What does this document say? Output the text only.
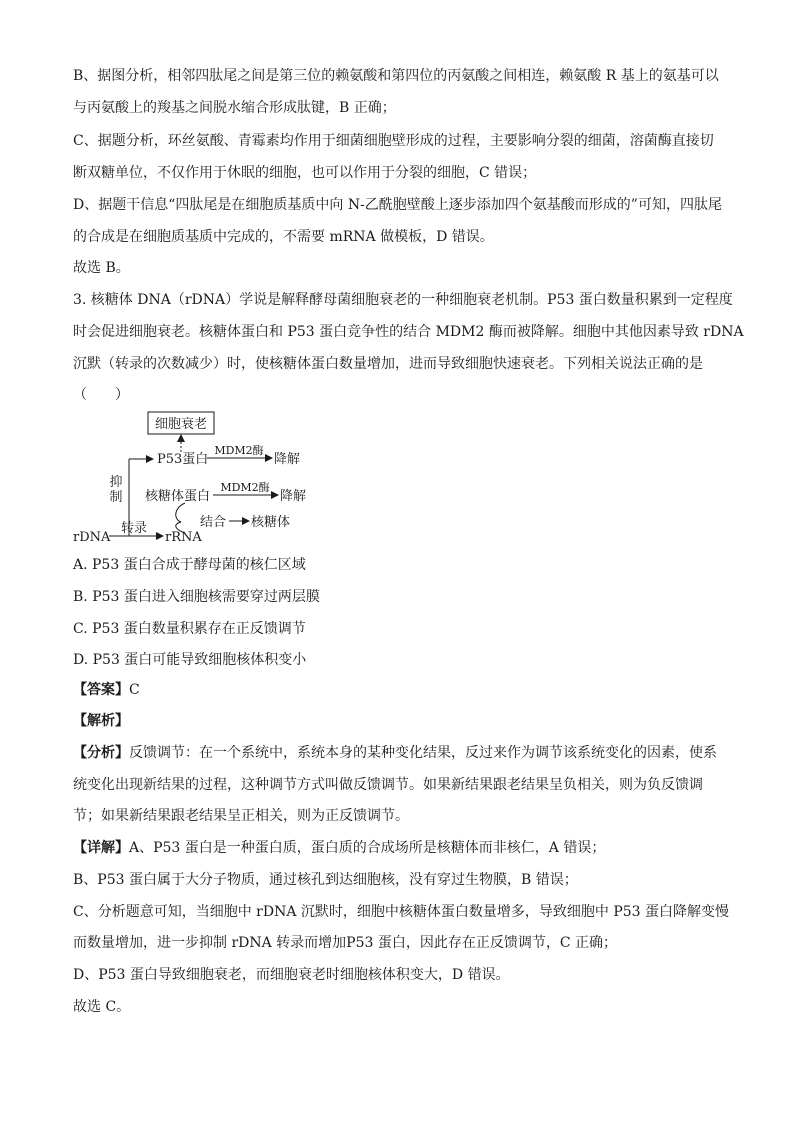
B、据图分析，相邻四肽尾之间是第三位的赖氨酸和第四位的丙氨酸之间相连，赖氨酸 R 基上的氨基可以
与丙氨酸上的羧基之间脱水缩合形成肽键，B 正确；
C、据题分析，环丝氨酸、青霉素均作用于细菌细胞壁形成的过程，主要影响分裂的细菌，溶菌酶直接切
断双糖单位，不仅作用于休眠的细胞，也可以作用于分裂的细胞，C 错误；
D、据题干信息“四肽尾是在细胞质基质中向 N-乙酰胞壁酸上逐步添加四个氨基酸而形成的”可知，四肽尾
的合成是在细胞质基质中完成的，不需要 mRNA 做模板，D 错误。
故选 B。
3. 核糖体 DNA（rDNA）学说是解释酵母菌细胞衰老的一种细胞衰老机制。P53 蛋白数量积累到一定程度
时会促进细胞衰老。核糖体蛋白和 P53 蛋白竞争性的结合 MDM2 酶而被降解。细胞中其他因素导致 rDNA
沉默（转录的次数减少）时，使核糖体蛋白数量增加，进而导致细胞快速衰老。下列相关说法正确的是
（　　）
细胞衰老
P53蛋白
MDM2酶
降解
抑
制 核糖体蛋白
MDM2酶
降解
结合 核糖体
rDNA
转录
rRNA
A. P53 蛋白合成于酵母菌的核仁区域
B. P53 蛋白进入细胞核需要穿过两层膜
C. P53 蛋白数量积累存在正反馈调节
D. P53 蛋白可能导致细胞核体积变小
【答案】C
【解析】
【分析】反馈调节：在一个系统中，系统本身的某种变化结果，反过来作为调节该系统变化的因素，使系
统变化出现新结果的过程，这种调节方式叫做反馈调节。如果新结果跟老结果呈负相关，则为负反馈调
节；如果新结果跟老结果呈正相关，则为正反馈调节。
【详解】A、P53 蛋白是一种蛋白质，蛋白质的合成场所是核糖体而非核仁，A 错误；
B、P53 蛋白属于大分子物质，通过核孔到达细胞核，没有穿过生物膜，B 错误；
C、分析题意可知，当细胞中 rDNA 沉默时，细胞中核糖体蛋白数量增多，导致细胞中 P53 蛋白降解变慢
而数量增加，进一步抑制 rDNA 转录而增加P53 蛋白，因此存在正反馈调节，C 正确；
D、P53 蛋白导致细胞衰老，而细胞衰老时细胞核体积变大，D 错误。
故选 C。
